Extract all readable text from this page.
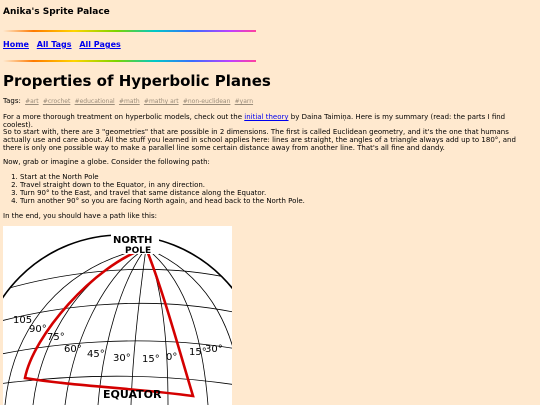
Anika's Sprite Palace
Home All Tags All Pages
Properties of Hyperbolic Planes
Tags: #art #crochet #educational #math #mathy art #non-euclidean #yarn

For a more thorough treatment on hyperbolic models, check out the initial theory by Daina Taimiņa. Here is my summary (read: the parts I find coolest).

So to start with, there are 3 "geometries" that are possible in 2 dimensions. The first is called Euclidean geometry, and it's the one that humans actually use and care about. All the stuff you learned in school applies here: lines are straight, the angles of a triangle always add up to 180°, and there is only one possible way to make a parallel line some certain distance away from another line. That's all fine and dandy.

Now, grab or imagine a globe. Consider the following path:

1. Start at the North Pole
2. Travel straight down to the Equator, in any direction.
3. Turn 90° to the East, and travel that same distance along the Equator.
4. Turn another 90° so you are facing North again, and head back to the North Pole.

In the end, you should have a path like this:

NORTH
POLE
105
90°
75°
60° 45° 30° 15° 0° 15°
30°
EQUATOR
